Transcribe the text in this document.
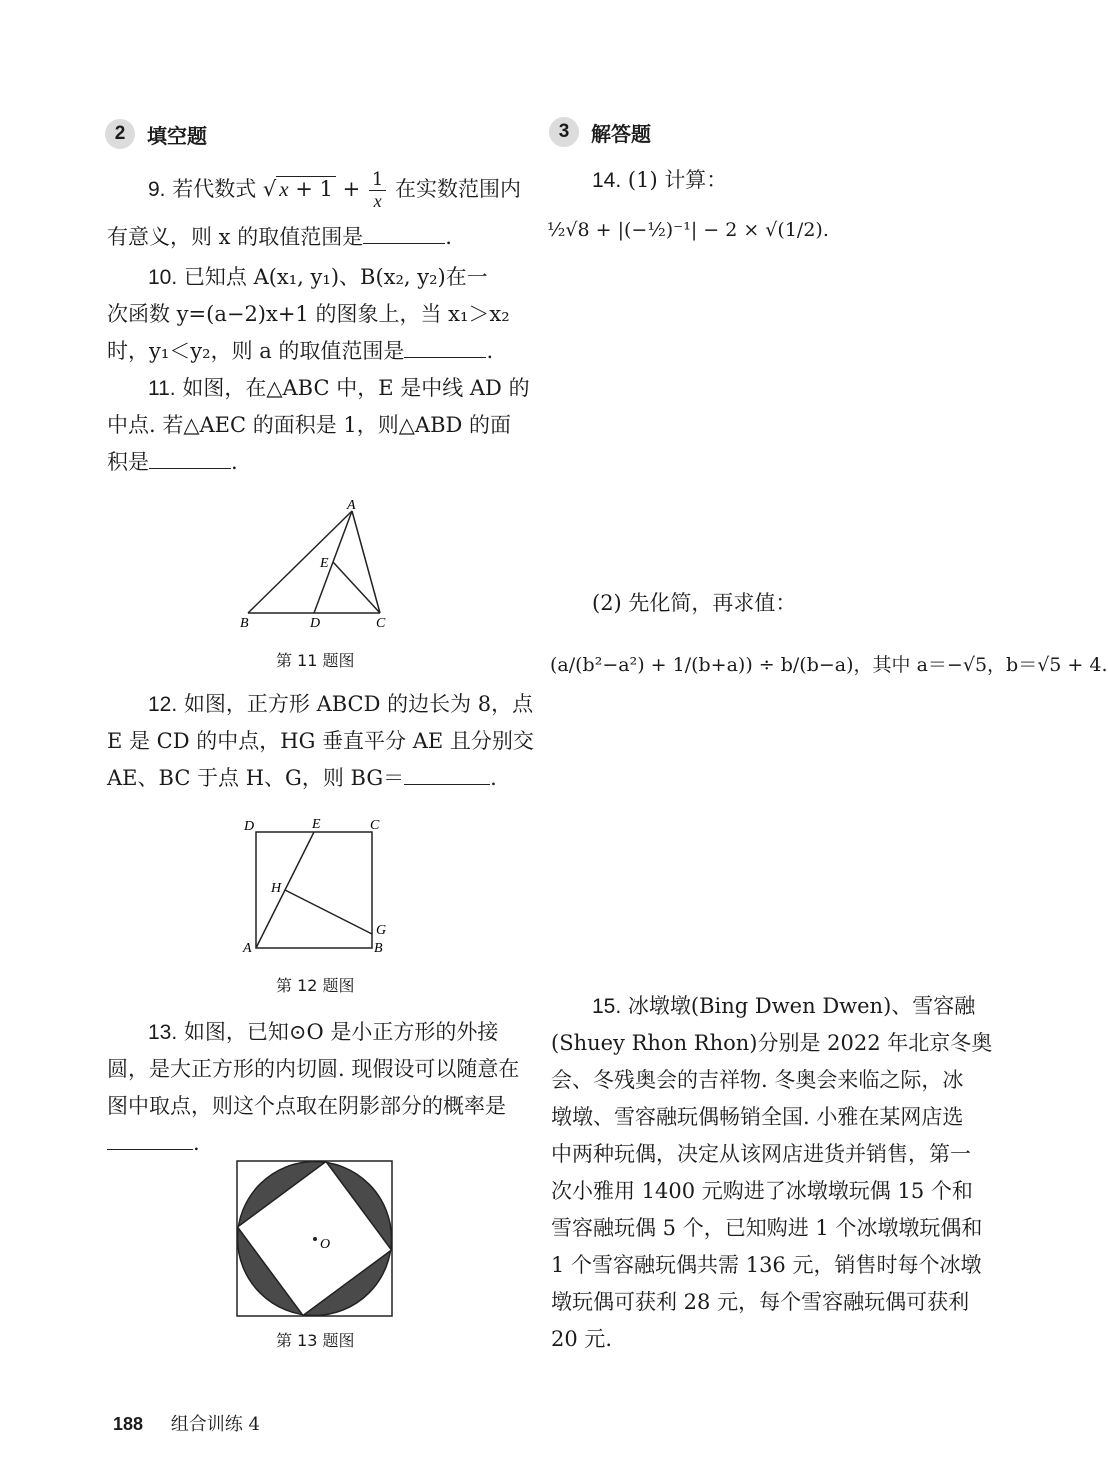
2	填空题	3	解答题
9. 若代数式 √ $x + 1 + \frac{1}{x}$ 在实数范围内
有意义，则 x 的取值范围是	.
10. 已知点 A(x₁, y₁)、B(x₂, y₂)在一
次函数 y=(a−2)x+1 的图象上，当 x₁＞x₂
时，y₁＜y₂，则 a 的取值范围是	.
11. 如图，在△ABC 中，E 是中线 AD 的
中点. 若△AEC 的面积是 1，则△ABD 的面
积是	.
A
B	C
D
E
第 11 题图
12. 如图，正方形 ABCD 的边长为 8，点
E 是 CD 的中点，HG 垂直平分 AE 且分别交
AE、BC 于点 H、G，则 BG＝	.
D	E	C
H
G
B
A
第 12 题图
13. 如图，已知⊙O 是小正方形的外接
圆，是大正方形的内切圆. 现假设可以随意在
图中取点，则这个点取在阴影部分的概率是
.
O
第 13 题图
14. (1) 计算：
½√8 + |(−½)⁻¹| − 2 × √(1/2).
(2) 先化简，再求值：
(a/(b²−a²) + 1/(b+a)) ÷ b/(b−a)，其中 a＝−√5，b＝√5 + 4.
15. 冰墩墩(Bing Dwen Dwen)、雪容融
(Shuey Rhon Rhon)分别是 2022 年北京冬奥
会、冬残奥会的吉祥物. 冬奥会来临之际，冰
墩墩、雪容融玩偶畅销全国. 小雅在某网店选
中两种玩偶，决定从该网店进货并销售，第一
次小雅用 1400 元购进了冰墩墩玩偶 15 个和
雪容融玩偶 5 个，已知购进 1 个冰墩墩玩偶和
1 个雪容融玩偶共需 136 元，销售时每个冰墩
墩玩偶可获利 28 元，每个雪容融玩偶可获利
20 元.
188 组合训练 4
